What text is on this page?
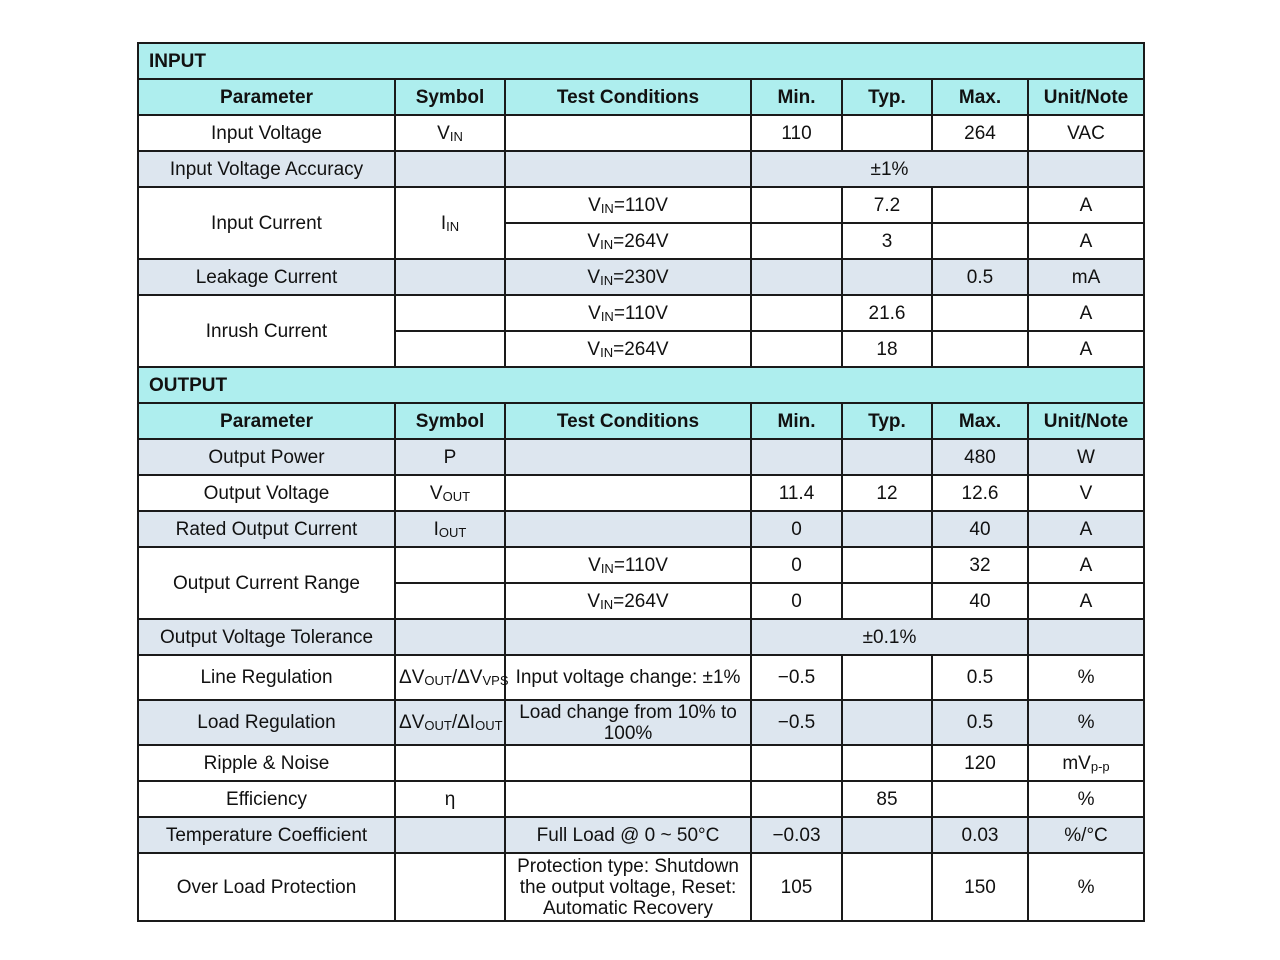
INPUT						
Parameter	Symbol	Test Conditions	Min.	Typ.	Max.	Unit/Note
Input Voltage	$V_{IN}$		110		264	VAC
Input Voltage Accuracy			±1%			
Input Current	$I_{IN}$	$V_{IN}=110V$		7.2		A
		$V_{IN}=264V$		3		A
Leakage Current		$V_{IN}=230V$			0.5	mA
Inrush Current		$V_{IN}=110V$		21.6		A
		$V_{IN}=264V$		18		A
OUTPUT						
Parameter	Symbol	Test Conditions	Min.	Typ.	Max.	Unit/Note
Output Power	P				480	W
Output Voltage	$V_{OUT}$		11.4	12	12.6	V
Rated Output Current	$I_{OUT}$		0		40	A
Output Current Range		$V_{IN}=110V$	0		32	A
		$V_{IN}=264V$	0		40	A
Output Voltage Tolerance			±0.1%			
Line Regulation	$\Delta V_{OUT}/\Delta V_{VPS}$	Input voltage change: ±1%	−0.5		0.5	%
Load Regulation	$\Delta V_{OUT}/\Delta I_{OUT}$	Load change from 10% to 100%	−0.5		0.5	%
Ripple & Noise					120	$mV_{p-p}$
Efficiency	η			85		%
Temperature Coefficient		Full Load @ 0 ~ 50°C	−0.03		0.03	%/°C
Over Load Protection		Protection type: Shutdown the output voltage, Reset: Automatic Recovery	105		150	%
